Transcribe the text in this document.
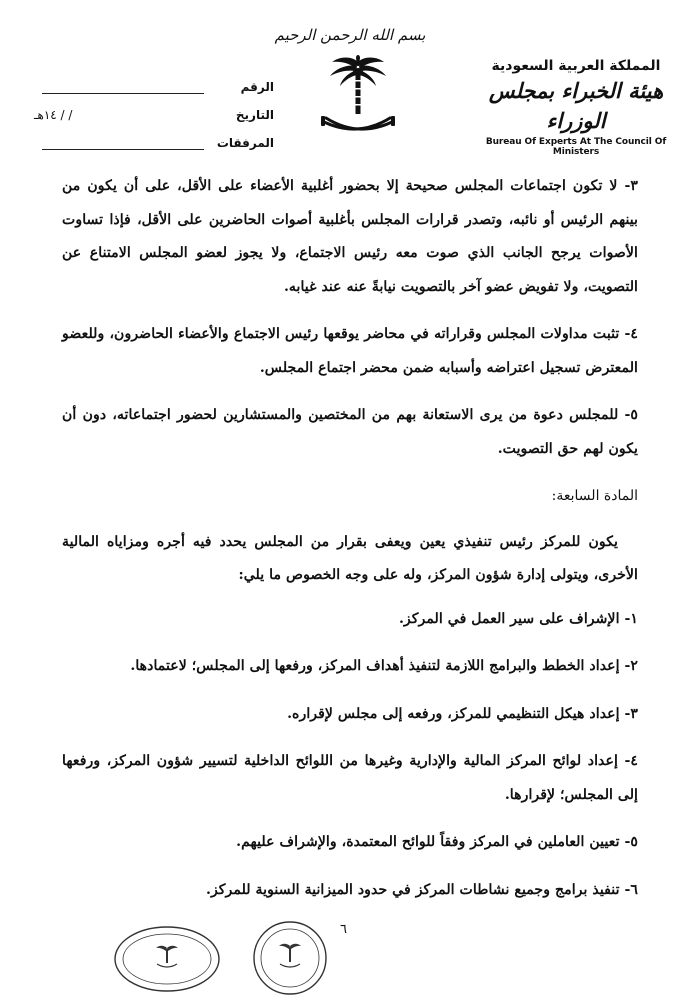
بسم الله الرحمن الرحيم
الرقم
التاريخ
/ / ١٤هـ
المرفقات
المملكة العربية السعودية
هيئة الخبراء بمجلس الوزراء
Bureau Of Experts At The Council Of Ministers

٣- لا تكون اجتماعات المجلس صحيحة إلا بحضور أغلبية الأعضاء على الأقل، على أن يكون من بينهم الرئيس أو نائبه، وتصدر قرارات المجلس بأغلبية أصوات الحاضرين على الأقل، فإذا تساوت الأصوات يرجح الجانب الذي صوت معه رئيس الاجتماع، ولا يجوز لعضو المجلس الامتناع عن التصويت، ولا تفويض عضو آخر بالتصويت نيابةً عنه عند غيابه.

٤- تثبت مداولات المجلس وقراراته في محاضر يوقعها رئيس الاجتماع والأعضاء الحاضرون، وللعضو المعترض تسجيل اعتراضه وأسبابه ضمن محضر اجتماع المجلس.

٥- للمجلس دعوة من يرى الاستعانة بهم من المختصين والمستشارين لحضور اجتماعاته، دون أن يكون لهم حق التصويت.

المادة السابعة:

يكون للمركز رئيس تنفيذي يعين ويعفى بقرار من المجلس يحدد فيه أجره ومزاياه المالية الأخرى، ويتولى إدارة شؤون المركز، وله على وجه الخصوص ما يلي:

١- الإشراف على سير العمل في المركز.

٢- إعداد الخطط والبرامج اللازمة لتنفيذ أهداف المركز، ورفعها إلى المجلس؛ لاعتمادها.

٣- إعداد هيكل التنظيمي للمركز، ورفعه إلى مجلس لإقراره.

٤- إعداد لوائح المركز المالية والإدارية وغيرها من اللوائح الداخلية لتسيير شؤون المركز، ورفعها إلى المجلس؛ لإقرارها.

٥- تعيين العاملين في المركز وفقاً للوائح المعتمدة، والإشراف عليهم.

٦- تنفيذ برامج وجميع نشاطات المركز في حدود الميزانية السنوية للمركز.

٦
